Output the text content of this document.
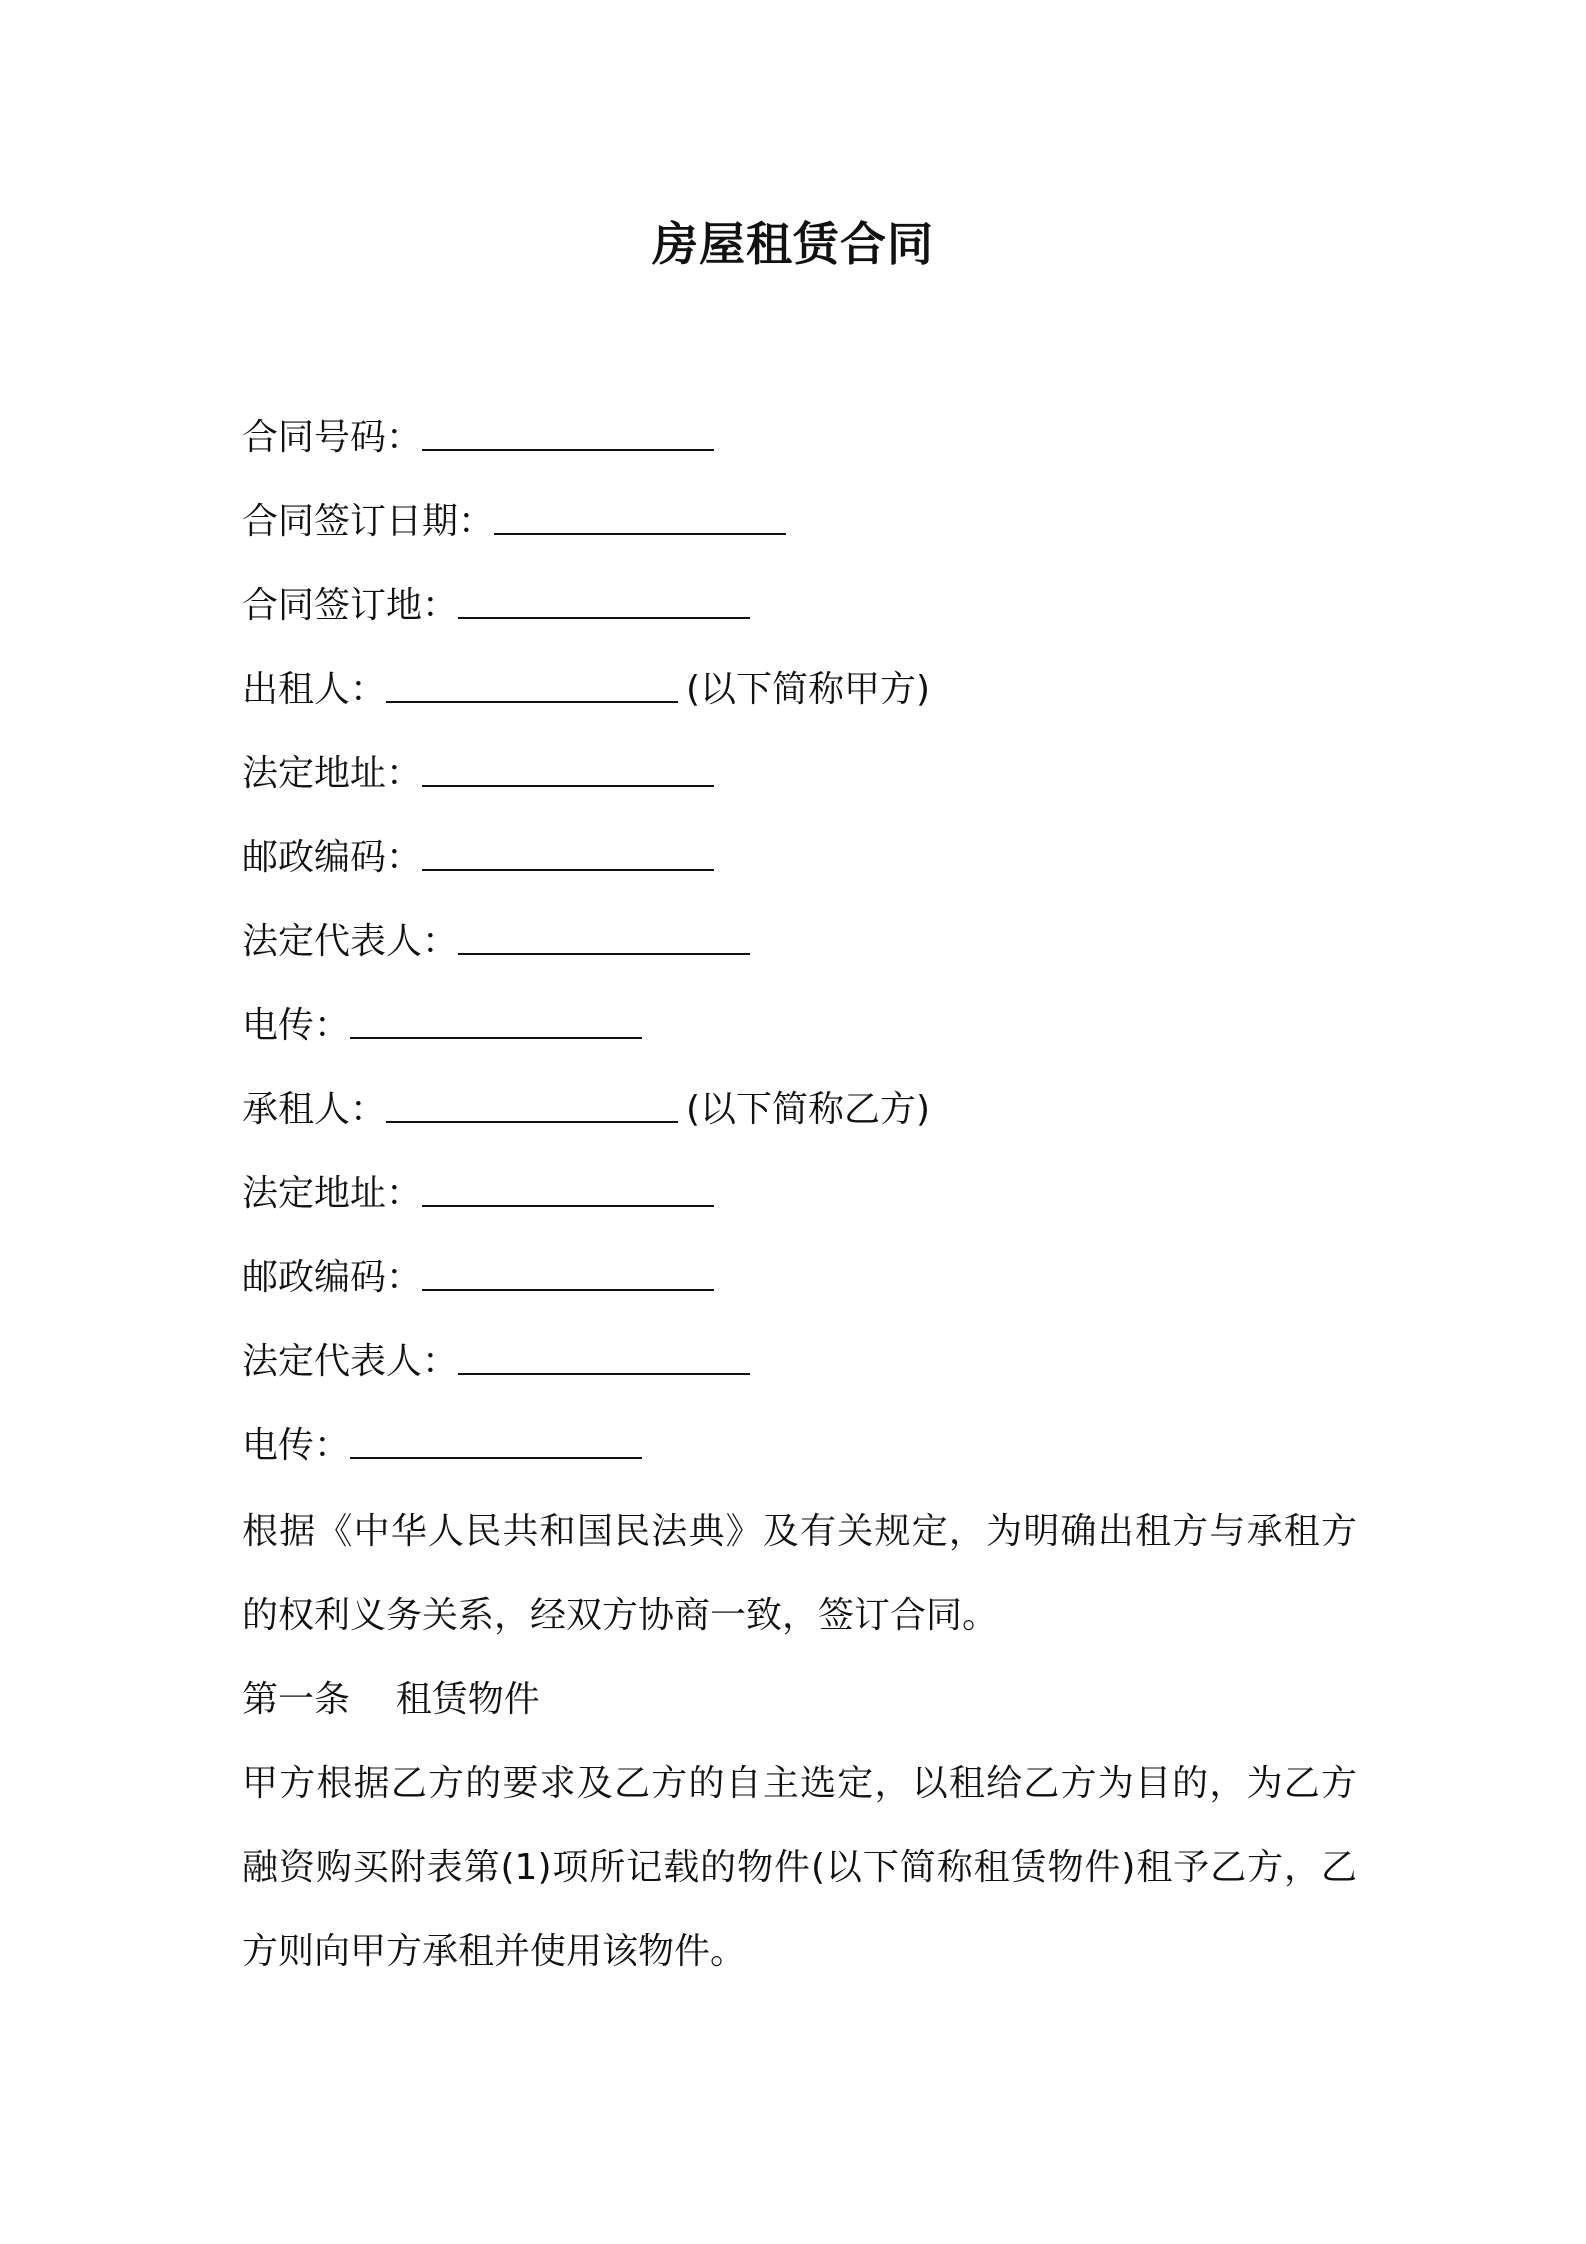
房屋租赁合同
合同号码：
合同签订日期：
合同签订地：
出租人：	(以下简称甲方)
法定地址：
邮政编码：
法定代表人：
电传：
承租人：	(以下简称乙方)
法定地址：
邮政编码：
法定代表人：
电传：

根据《中华人民共和国民法典》及有关规定，为明确出租方与承租方的权利义务关系，经双方协商一致，签订合同。

第一条    租赁物件

甲方根据乙方的要求及乙方的自主选定，以租给乙方为目的，为乙方融资购买附表第(1)项所记载的物件(以下简称租赁物件)租予乙方，乙方则向甲方承租并使用该物件。
